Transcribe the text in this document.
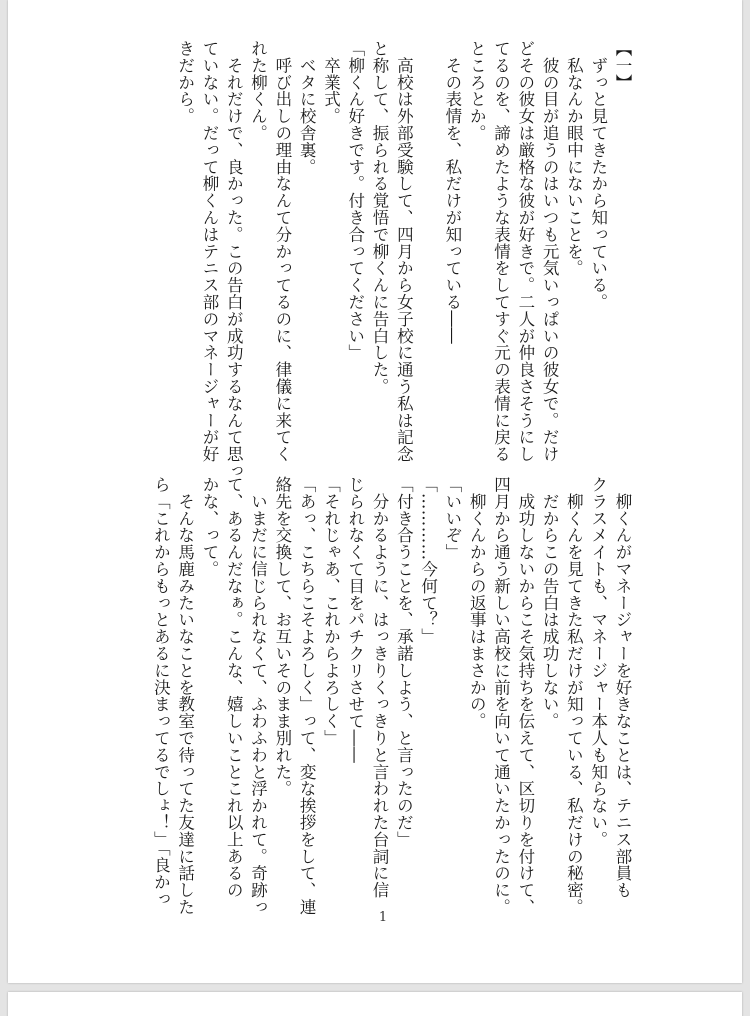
【一】
　ずっと見てきたから知っている。
　私なんか眼中にないことを。
　彼の目が追うのはいつも元気いっぱいの彼女で。だけ
どその彼女は厳格な彼が好きで。二人が仲良さそうにし
てるのを、諦めたような表情をしてすぐ元の表情に戻る
ところとか。
　その表情を、私だけが知っている――

　高校は外部受験して、四月から女子校に通う私は記念
と称して、振られる覚悟で柳くんに告白した。
「柳くん好きです。付き合ってください」
　卒業式。
　ベタに校舎裏。
　呼び出しの理由なんて分かってるのに、律儀に来てく
れた柳くん。
　それだけで、良かった。この告白が成功するなんて思っ
ていない。だって柳くんはテニス部のマネージャーが好
きだから。
　柳くんがマネージャーを好きなことは、テニス部員も
クラスメイトも、マネージャー本人も知らない。
　柳くんを見てきた私だけが知っている、私だけの秘密。
　だからこの告白は成功しない。
　成功しないからこそ気持ちを伝えて、区切りを付けて、
四月から通う新しい高校に前を向いて通いたかったのに。
　柳くんからの返事はまさかの。
「いいぞ」
「…………今何て？」
「付き合うことを、承諾しよう、と言ったのだ」
　分かるように、はっきりくっきりと言われた台詞に信
じられなくて目をパチクリさせて――
「それじゃあ、これからよろしく」
「あっ、こちらこそよろしく」って、変な挨拶をして、連
絡先を交換して、お互いそのまま別れた。
　いまだに信じられなくて、ふわふわと浮かれて。奇跡っ
て、あるんだなぁ。こんな、嬉しいことこれ以上あるの
かな、って。
　そんな馬鹿みたいなことを教室で待ってた友達に話した
ら「これからもっとあるに決まってるでしょ！」「良かっ
1
